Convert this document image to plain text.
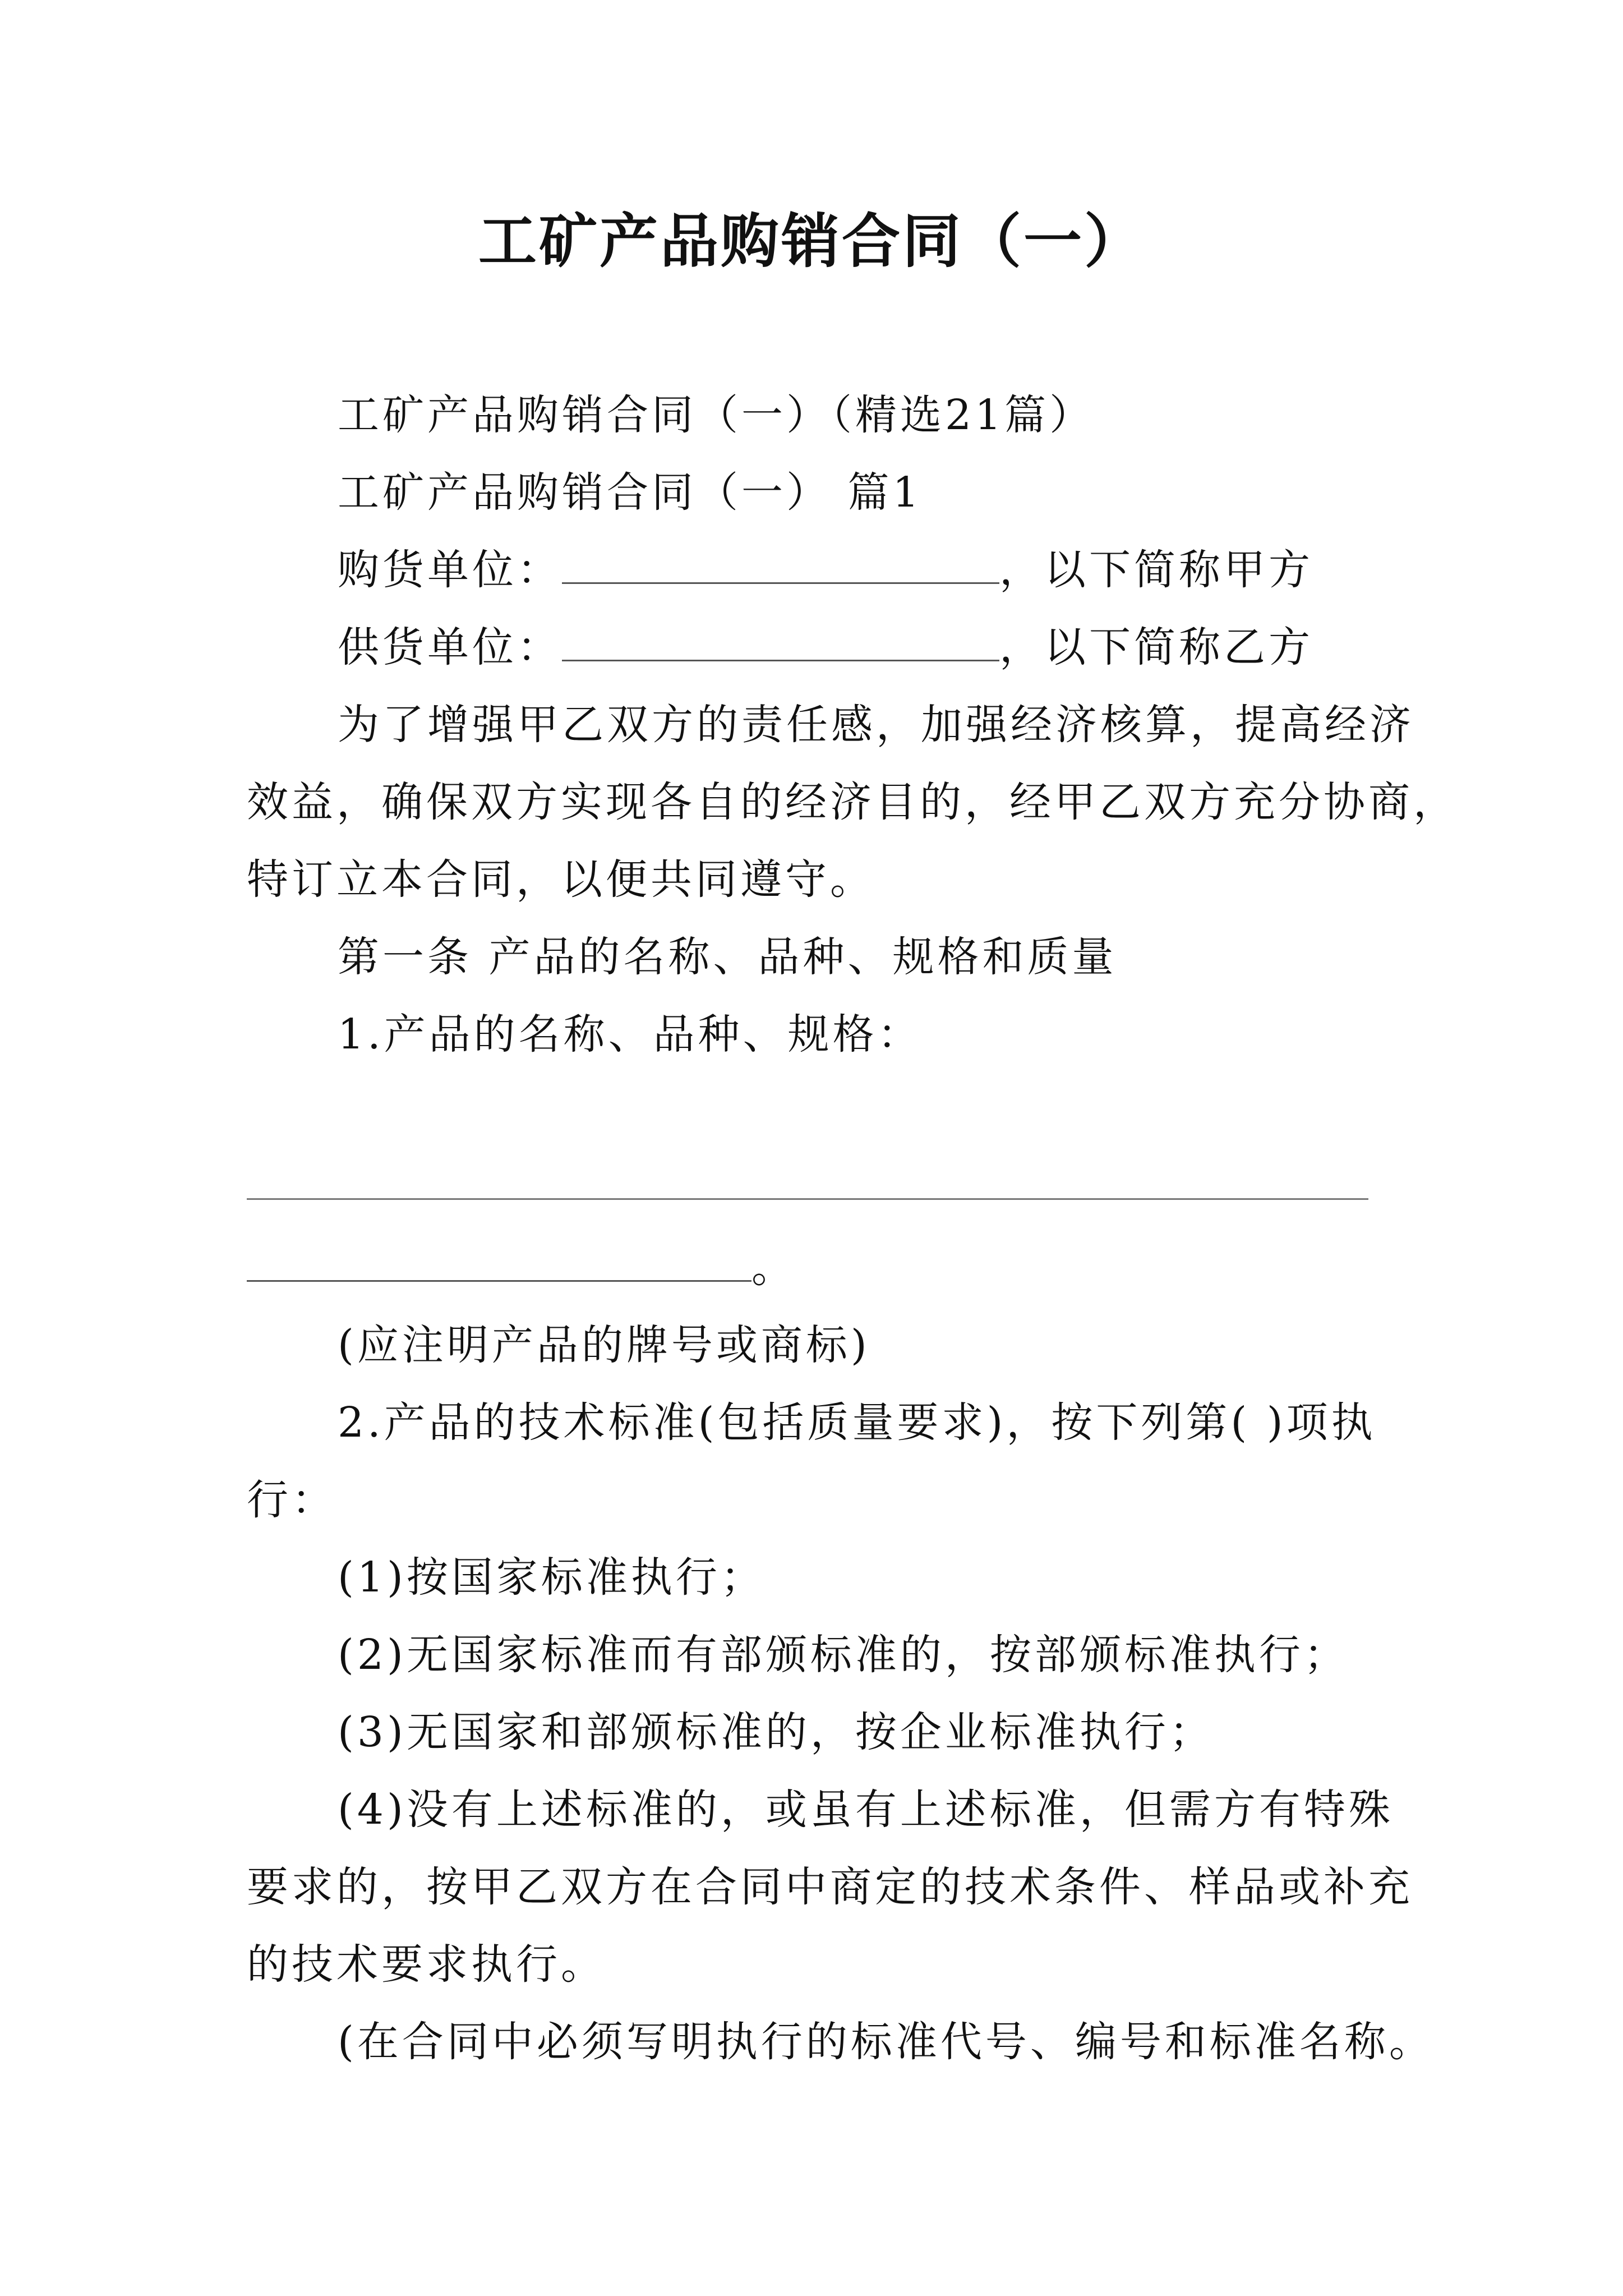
工矿产品购销合同（一）
工矿产品购销合同（一）（精选21篇）
工矿产品购销合同（一） 篇1
购货单位：	，以下简称甲方
供货单位：	，以下简称乙方
为了增强甲乙双方的责任感，加强经济核算，提高经济
效益，确保双方实现各自的经济目的，经甲乙双方充分协商，
特订立本合同，以便共同遵守。
第一条 产品的名称、品种、规格和质量
1.产品的名称、品种、规格：
。
(应注明产品的牌号或商标)
2.产品的技术标准(包括质量要求)，按下列第( )项执
行：
(1)按国家标准执行；
(2)无国家标准而有部颁标准的，按部颁标准执行；
(3)无国家和部颁标准的，按企业标准执行；
(4)没有上述标准的，或虽有上述标准，但需方有特殊
要求的，按甲乙双方在合同中商定的技术条件、样品或补充
的技术要求执行。
(在合同中必须写明执行的标准代号、编号和标准名称。
